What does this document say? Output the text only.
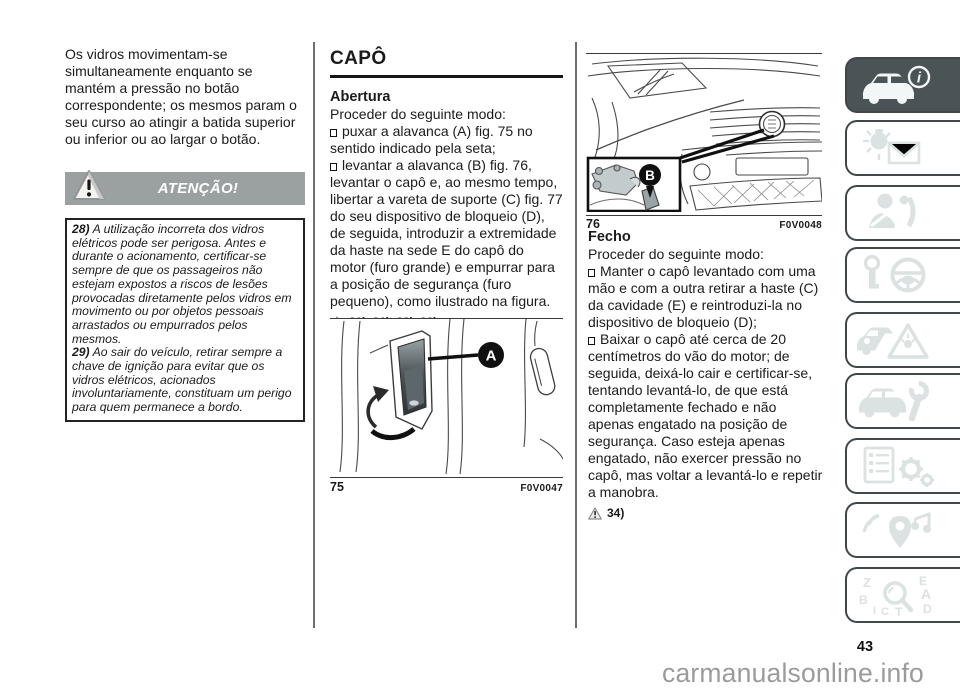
Os vidros movimentam-se simultaneamente enquanto se mantém a pressão no botão correspondente; os mesmos param o seu curso ao atingir a batida superior ou inferior ou ao largar o botão.

ATENÇÃO!

28) A utilização incorreta dos vidros elétricos pode ser perigosa. Antes e durante o acionamento, certificar-se sempre de que os passageiros não estejam expostos a riscos de lesões provocadas diretamente pelos vidros em movimento ou por objetos pessoais arrastados ou empurrados pelos mesmos.

29) Ao sair do veículo, retirar sempre a chave de ignição para evitar que os vidros elétricos, acionados involuntariamente, constituam um perigo para quem permanece a bordo.

CAPÔ

Abertura

Proceder do seguinte modo:

puxar a alavanca (A) fig. 75 no sentido indicado pela seta;

levantar a alavanca (B) fig. 76, levantar o capô e, ao mesmo tempo, libertar a vareta de suporte (C) fig. 77 do seu dispositivo de bloqueio (D), de seguida, introduzir a extremidade da haste na sede E do capô do motor (furo grande) e empurrar para a posição de segurança (furo pequeno), como ilustrado na figura.

A
75	F0V0047
B
76	F0V0048

Fecho

Proceder do seguinte modo:

Manter o capô levantado com uma mão e com a outra retirar a haste (C) da cavidade (E) e reintroduzi-la no dispositivo de bloqueio (D);

Baixar o capô até cerca de 20 centímetros do vão do motor; de seguida, deixá-lo cair e certificar-se, tentando levantá-lo, de que está completamente fechado e não apenas engatado na posição de segurança. Caso esteja apenas engatado, não exercer pressão no capô, mas voltar a levantá-lo e repetir a manobra.

34)
i
Z	E
B	A
D
I C T
43
carmanualsonline.info
